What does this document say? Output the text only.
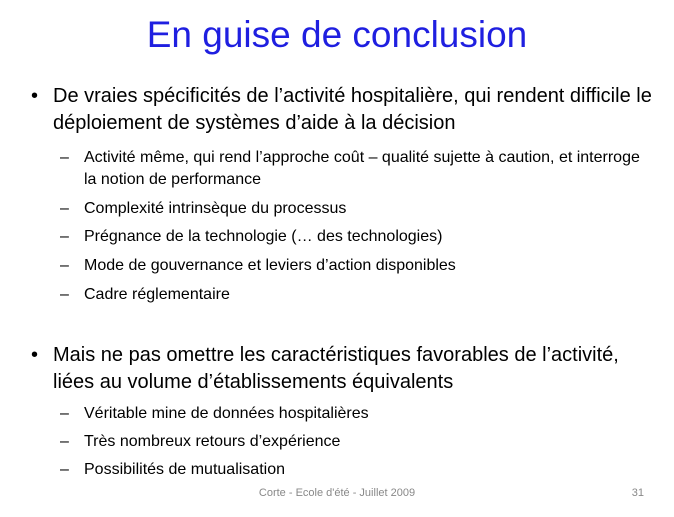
En guise de conclusion
• De vraies spécificités de l’activité hospitalière, qui rendent difficile le déploiement de systèmes d’aide à la décision
– Activité même, qui rend l’approche coût – qualité sujette à caution, et interroge la notion de performance
– Complexité intrinsèque du processus
– Prégnance de la technologie (… des technologies)
– Mode de gouvernance et leviers d’action disponibles
– Cadre réglementaire
• Mais ne pas omettre les caractéristiques favorables de l’activité, liées au volume d’établissements équivalents
– Véritable mine de données hospitalières
– Très nombreux retours d’expérience
– Possibilités de mutualisation
Corte - Ecole d'été - Juillet 2009	31
